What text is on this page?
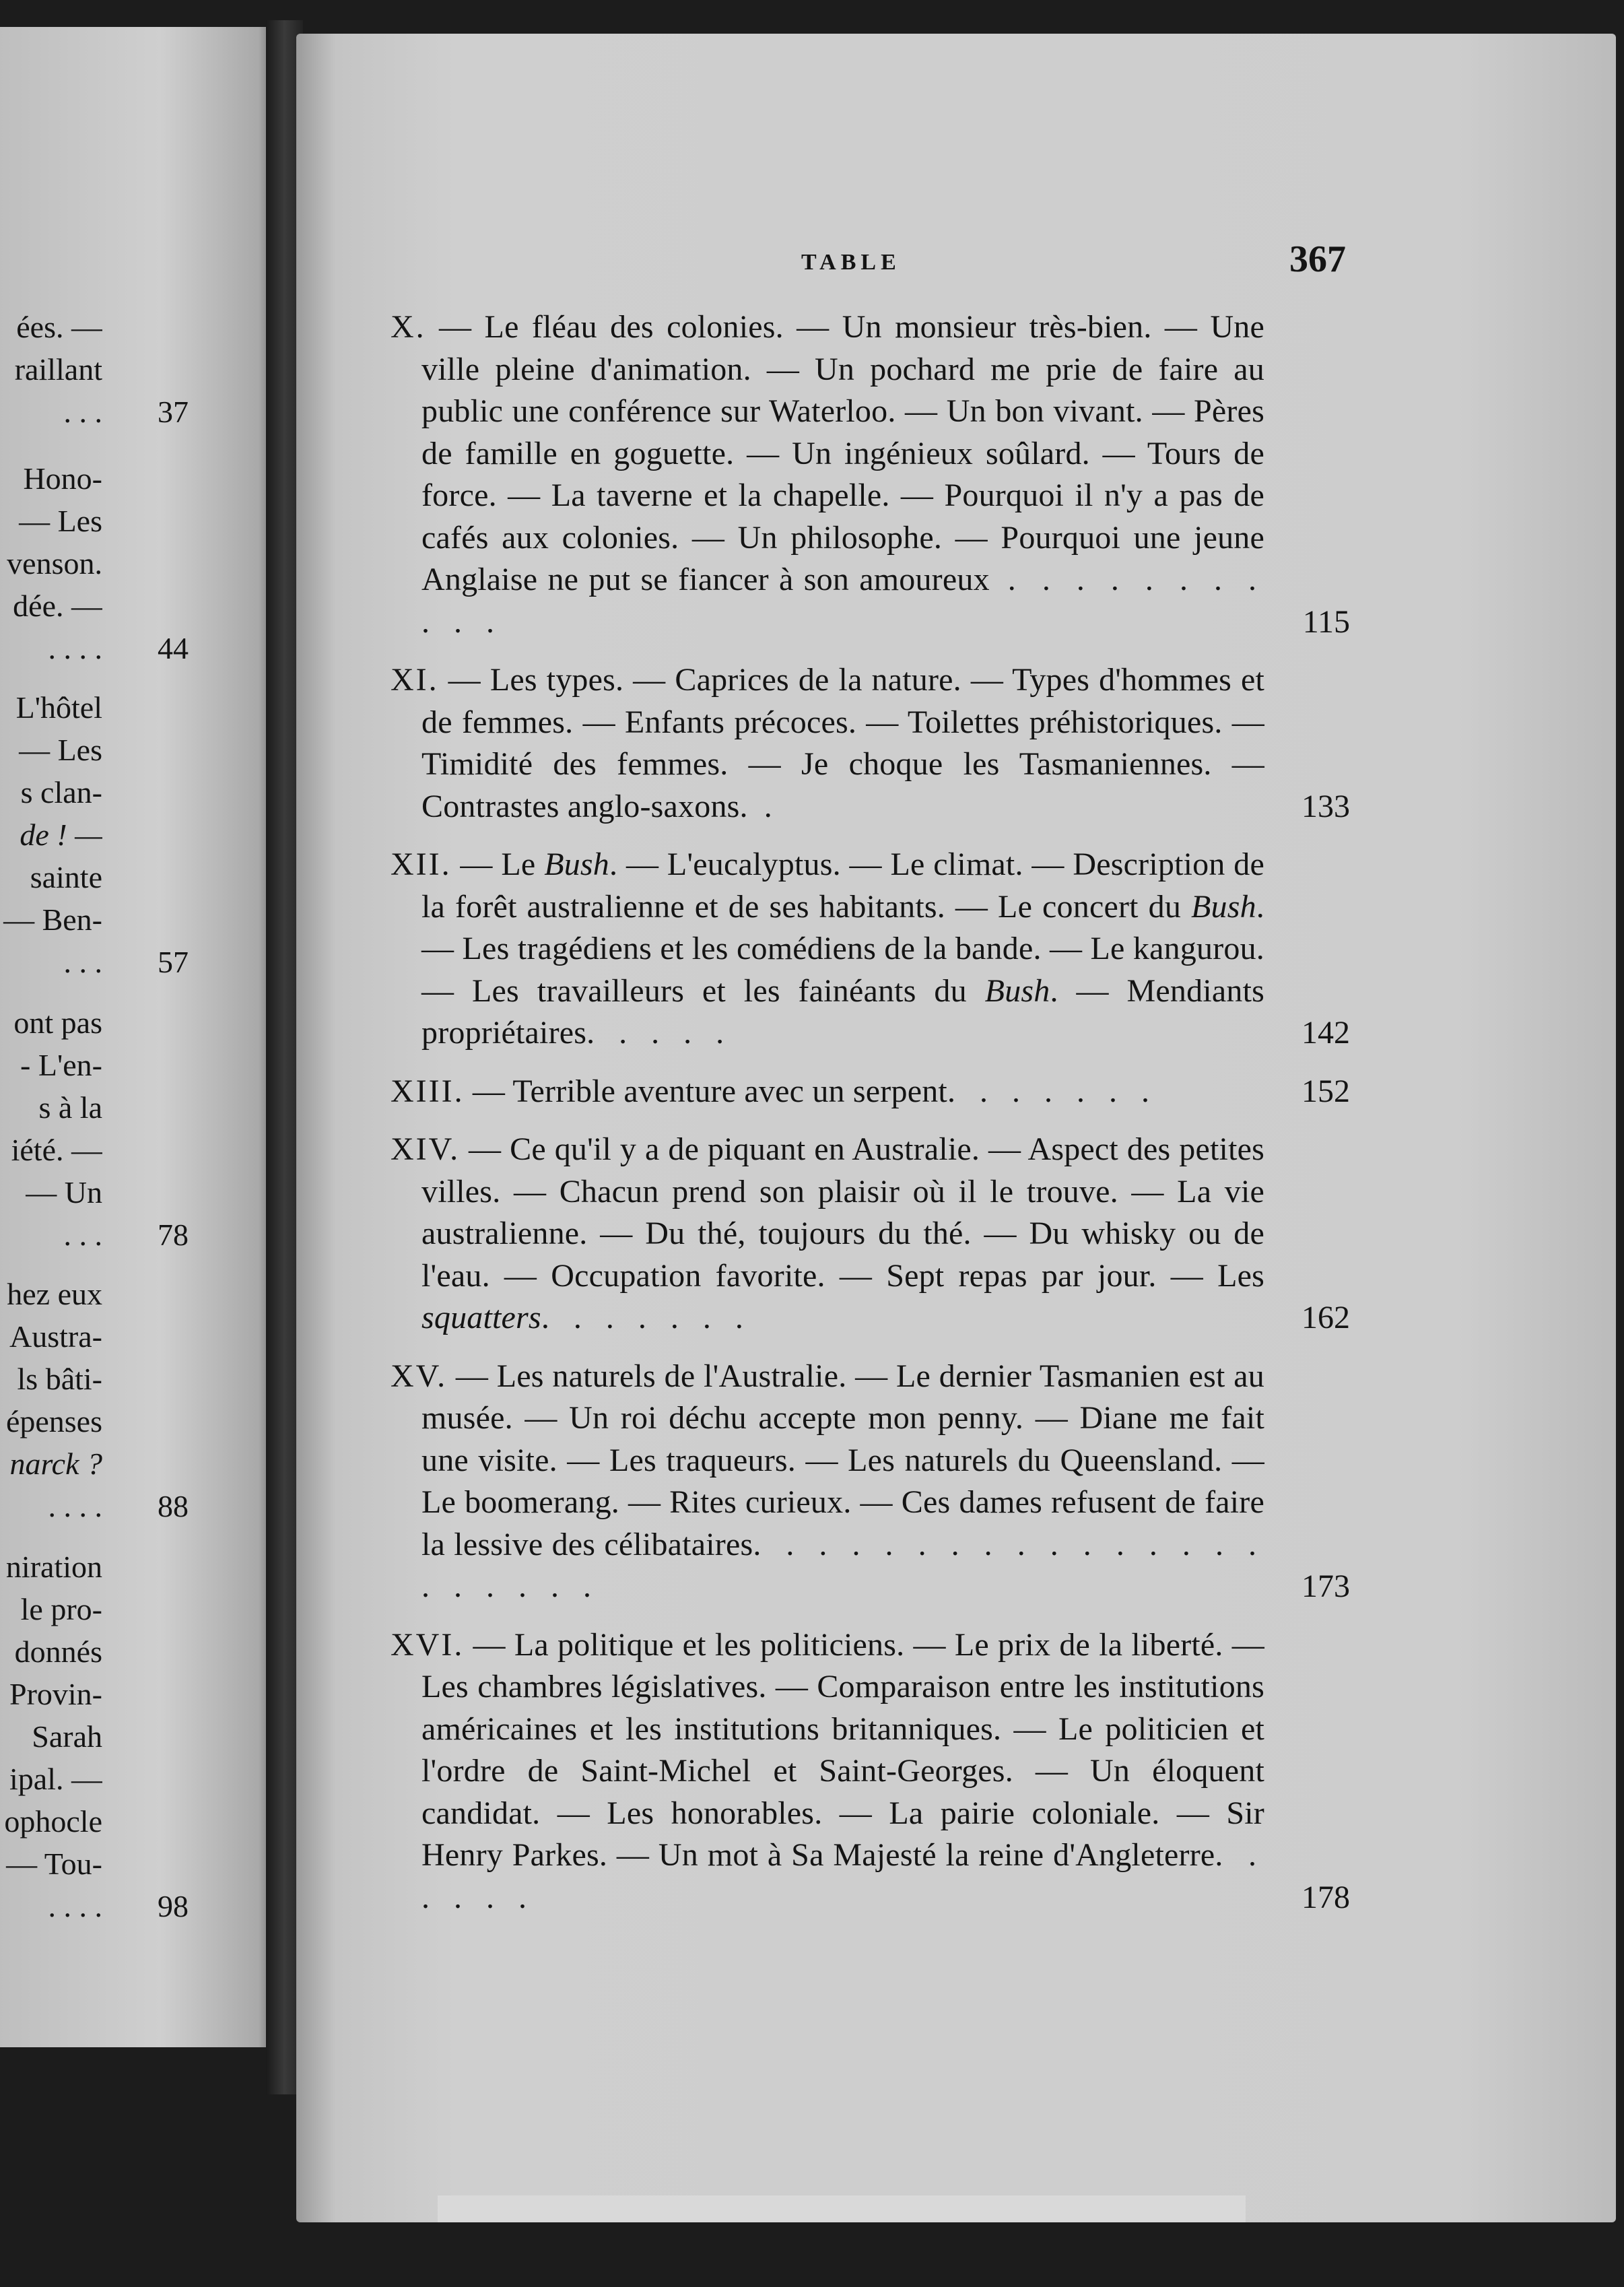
ées. —
raillant
. . .	37
Hono-
— Les
venson.
dée. —
. . . .	44
L'hôtel
— Les
s clan-
de ! —
sainte
— Ben-
. . .	57
ont pas
- L'en-
s à la
iété. —
— Un
. . .	78
hez eux
Austra-
ls bâti-
épenses
narck ?
. . . .	88
niration
le pro-
donnés
Provin-
Sarah
ipal. —
ophocle
— Tou-
. . . .	98
TABLE	367
X. — Le fléau des colonies. — Un monsieur très-bien. — Une ville pleine d'animation. — Un pochard me prie de faire au public une conférence sur Waterloo. — Un bon vivant. — Pères de famille en goguette. — Un ingénieux soûlard. — Tours de force. — La taverne et la chapelle. — Pourquoi il n'y a pas de cafés aux colonies. — Un philosophe. — Pourquoi une jeune Anglaise ne put se fiancer à son amoureux . . . . . . . . . . .	115
XI. — Les types. — Caprices de la nature. — Types d'hommes et de femmes. — Enfants précoces. — Toilettes préhistoriques. — Timidité des femmes. — Je choque les Tasmaniennes. — Contrastes anglo-saxons. .	133
XII. — Le Bush. — L'eucalyptus. — Le climat. — Description de la forêt australienne et de ses habitants. — Le concert du Bush. — Les tragédiens et les comédiens de la bande. — Le kangurou. — Les travailleurs et les fainéants du Bush. — Mendiants propriétaires. . . . .	142
XIII. — Terrible aventure avec un serpent. . . . . . .	152
XIV. — Ce qu'il y a de piquant en Australie. — Aspect des petites villes. — Chacun prend son plaisir où il le trouve. — La vie australienne. — Du thé, toujours du thé. — Du whisky ou de l'eau. — Occupation favorite. — Sept repas par jour. — Les squatters. . . . . . .	162
XV. — Les naturels de l'Australie. — Le dernier Tasmanien est au musée. — Un roi déchu accepte mon penny. — Diane me fait une visite. — Les traqueurs. — Les naturels du Queensland. — Le boomerang. — Rites curieux. — Ces dames refusent de faire la lessive des célibataires. . . . . . . . . . . . . . . . . . . . . .	173
XVI. — La politique et les politiciens. — Le prix de la liberté. — Les chambres législatives. — Comparaison entre les institutions américaines et les institutions britanniques. — Le politicien et l'ordre de Saint-Michel et Saint-Georges. — Un éloquent candidat. — Les honorables. — La pairie coloniale. — Sir Henry Parkes. — Un mot à Sa Majesté la reine d'Angleterre. . . . . .	178
